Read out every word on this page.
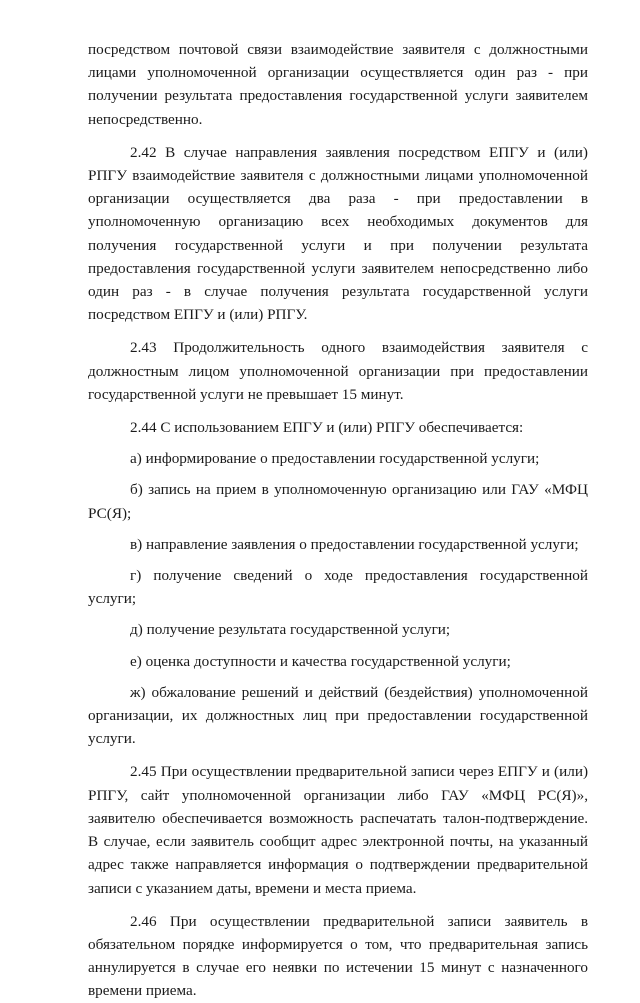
посредством почтовой связи взаимодействие заявителя с должностными лицами уполномоченной организации осуществляется один раз - при получении результата предоставления государственной услуги заявителем непосредственно.

2.42 В случае направления заявления посредством ЕПГУ и (или) РПГУ взаимодействие заявителя с должностными лицами уполномоченной организации осуществляется два раза - при предоставлении в уполномоченную организацию всех необходимых документов для получения государственной услуги и при получении результата предоставления государственной услуги заявителем непосредственно либо один раз - в случае получения результата государственной услуги посредством ЕПГУ и (или) РПГУ.

2.43 Продолжительность одного взаимодействия заявителя с должностным лицом уполномоченной организации при предоставлении государственной услуги не превышает 15 минут.

2.44 С использованием ЕПГУ и (или) РПГУ обеспечивается:

а) информирование о предоставлении государственной услуги;

б) запись на прием в уполномоченную организацию или ГАУ «МФЦ РС(Я);

в) направление заявления о предоставлении государственной услуги;

г) получение сведений о ходе предоставления государственной услуги;

д) получение результата государственной услуги;

е) оценка доступности и качества государственной услуги;

ж) обжалование решений и действий (бездействия) уполномоченной организации, их должностных лиц при предоставлении государственной услуги.

2.45 При осуществлении предварительной записи через ЕПГУ и (или) РПГУ, сайт уполномоченной организации либо ГАУ «МФЦ РС(Я)», заявителю обеспечивается возможность распечатать талон-подтверждение. В случае, если заявитель сообщит адрес электронной почты, на указанный адрес также направляется информация о подтверждении предварительной записи с указанием даты, времени и места приема.

2.46 При осуществлении предварительной записи заявитель в обязательном порядке информируется о том, что предварительная запись аннулируется в случае его неявки по истечении 15 минут с назначенного времени приема.
